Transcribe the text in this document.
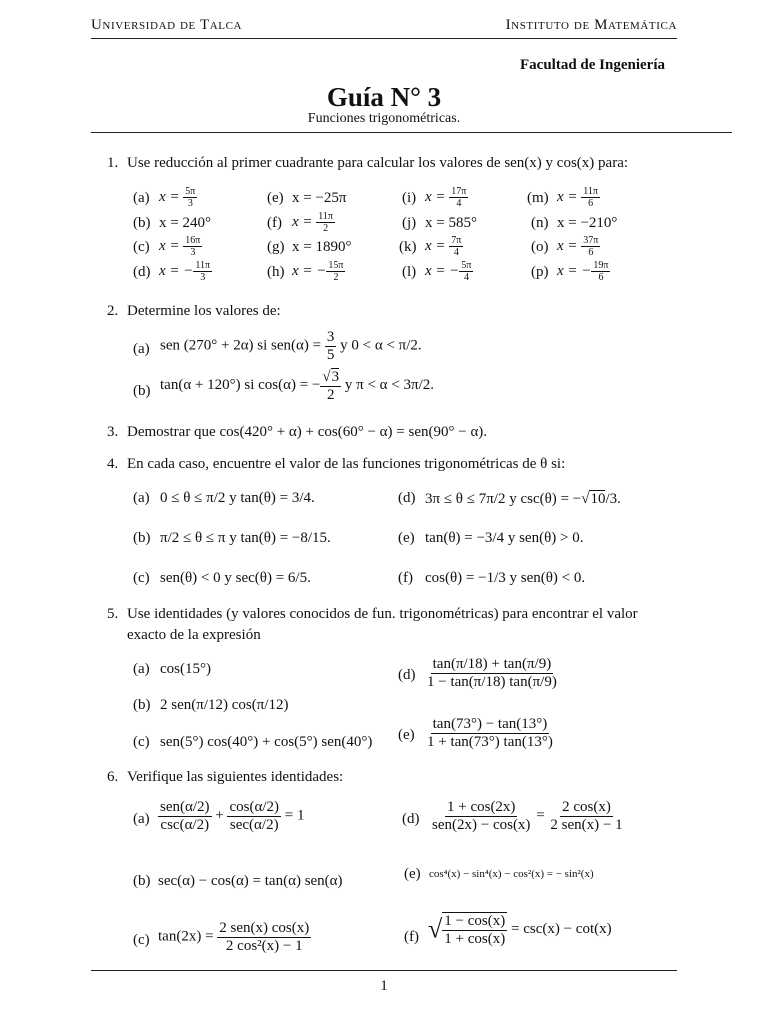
Universidad de Talca	Instituto de Matemática
Facultad de Ingeniería
Guía N° 3
Funciones trigonométricas.
1. Use reducción al primer cuadrante para calcular los valores de sen(x) y cos(x) para:
(a) $x = \frac{5\pi}{3}$
(b) x = 240°
(c) $x = \frac{16\pi}{3}$
(d) x = − $\frac{11\pi}{3}$
(e) x = −25π
(f) $x = \frac{11\pi}{2}$
(g) x = 1890°
(h) x = − $\frac{15\pi}{2}$
(i) $x = \frac{17\pi}{4}$
(j) x = 585°
(k) $x = \frac{7\pi}{4}$
(l) x = − $\frac{5\pi}{4}$
(m) $x = \frac{11\pi}{6}$
(n) x = −210°
(o) $x = \frac{37\pi}{6}$
(p) x = − $\frac{19\pi}{6}$
2. Determine los valores de:
(a) sen (270° + 2α) si $sen(\alpha) = \frac{3}{5}$ y 0 < α < π/2.
(b) tan(α + 120°) si cos(α) = − $\frac{√3}{2}$ y π < α < 3π/2.
3. Demostrar que cos(420° + α) + cos(60° − α) = sen(90° − α).
4. En cada caso, encuentre el valor de las funciones trigonométricas de θ si:
(a) 0 ≤ θ ≤ π/2 y tan(θ) = 3/4.
(b) π/2 ≤ θ ≤ π y tan(θ) = −8/15.
(c) sen(θ) < 0 y sec(θ) = 6/5.
(d) 3π ≤ θ ≤ 7π/2 y csc(θ) = −√10/3.
(e) tan(θ) = −3/4 y sen(θ) > 0.
(f) cos(θ) = −1/3 y sen(θ) < 0.
5. Use identidades (y valores conocidos de fun. trigonométricas) para encontrar el valor
exacto de la expresión
(a) cos(15°)
(b) 2 sen(π/12) cos(π/12)
(c) sen(5°) cos(40°) + cos(5°) sen(40°)
$(d) \frac{\tan(\pi/18) + \tan(\pi/9)}{1 - \tan(\pi/18) \tan(\pi/9)}$
$(e) \frac{\tan(73^\circ) - \tan(13^\circ)}{1 + \tan(73^\circ) \tan(13^\circ)}$
6. Verifique las siguientes identidades:
$(a) \frac{\text{sen(α/2)}}{\csc(\alpha/2)} + \frac{\cos(\alpha/2)}{\sec(\alpha/2)} = 1$
(b) sec(α) − cos(α) = tan(α) sen(α)
(c) $\tan(2x) = \frac{\text{2 sen(x) cos(x)}}{\text{2 cos²(x) − 1}}$
$(d) \frac{1 + \cos(2x)}{\text{sen(2x) − cos(x)}} = \frac{2 \cos(x)}{\text{2 sen(x) − 1}}$
(e) cos⁴(x) − sin⁴(x) − cos²(x) = − sin²(x)
(f) √ $\frac{1 - \cos(x)}{1 + \cos(x)} = \csc(x) - \cot(x)$
1
